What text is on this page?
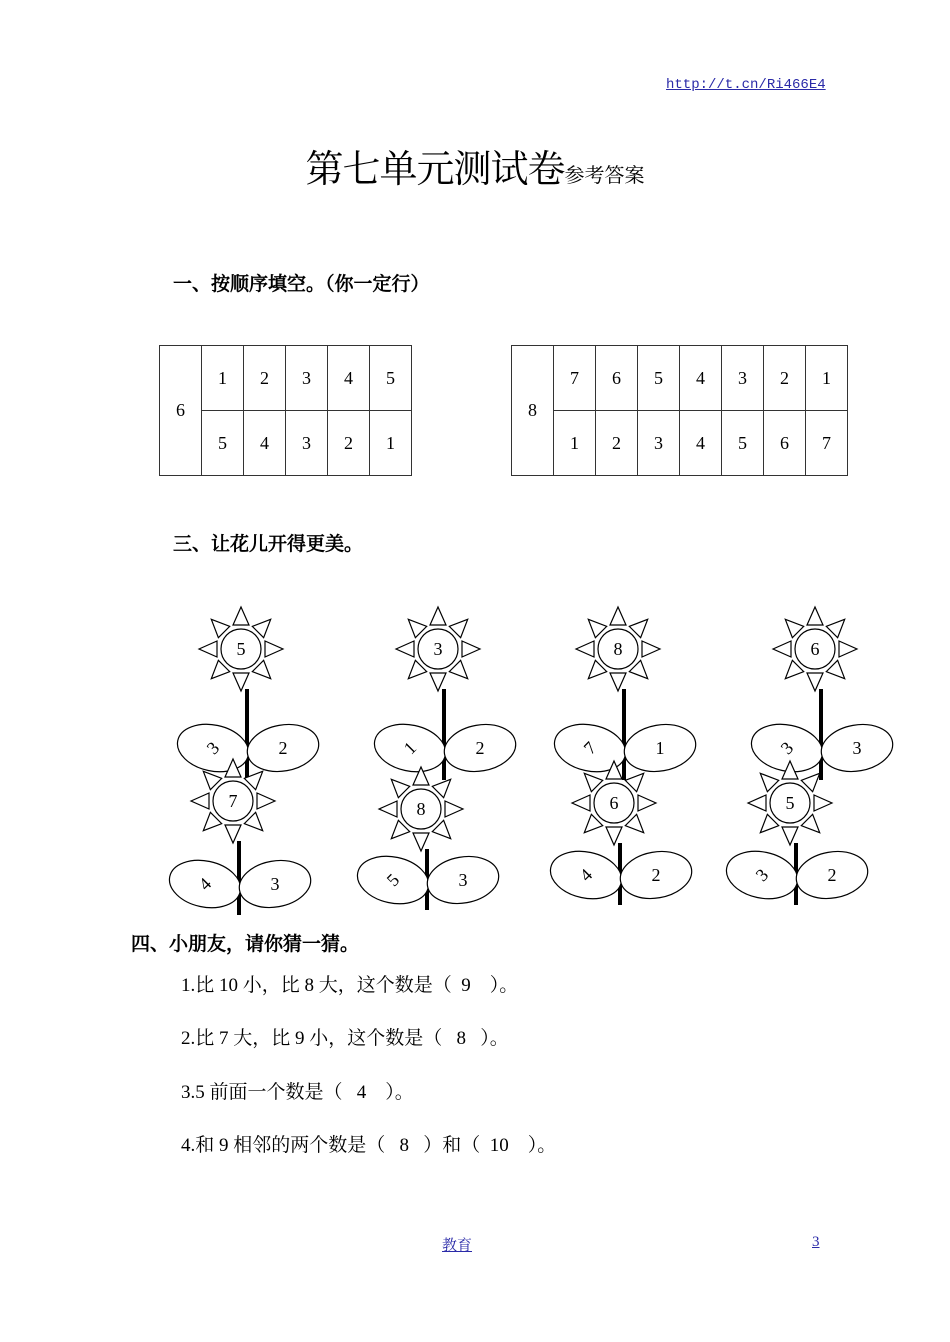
http://t.cn/Ri466E4
第七单元测试卷参考答案
一、按顺序填空。（你一定行）
6	1	2	3	4	5
	5	4	3	2	1
8	7	6	5	4	3	2	1
	1	2	3	4	5	6	7
三、让花儿开得更美。
5
3	2
3
1	2
8
7	1
6
3	3
7
4	3
8
5	3
6
4	2
5
3	2
四、小朋友，请你猜一猜。
1.比 10 小，比 8 大，这个数是（  9    ）。
2.比 7 大，比 9 小，这个数是（   8   ）。
3.5 前面一个数是（   4    ）。
4.和 9 相邻的两个数是（   8   ）和（  10    ）。
教育	3
